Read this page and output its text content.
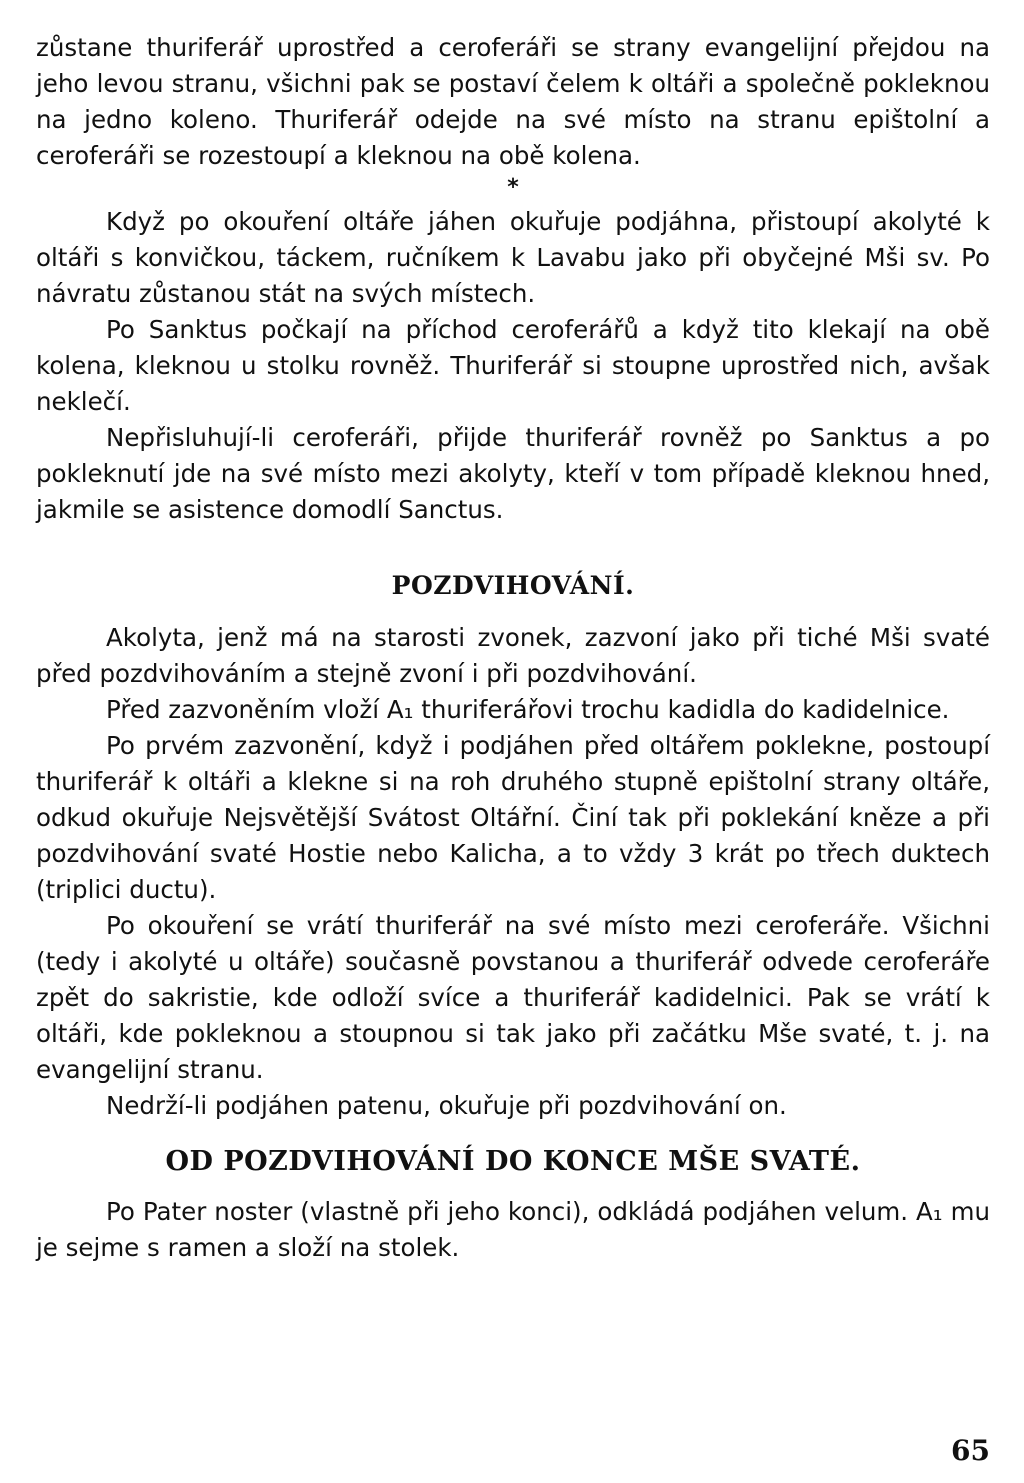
zůstane thuriferář uprostřed a ceroferáři se strany evangelijní přejdou na jeho levou stranu, všichni pak se postaví čelem k oltáři a společně pokleknou na jedno koleno. Thuriferář odejde na své místo na stranu epištolní a ceroferáři se rozestoupí a kleknou na obě kolena.

*

Když po okouření oltáře jáhen okuřuje podjáhna, přistoupí akolyté k oltáři s konvičkou, táckem, ručníkem k Lavabu jako při obyčejné Mši sv. Po návratu zůstanou stát na svých místech.

Po Sanktus počkají na příchod ceroferářů a když tito klekají na obě kolena, kleknou u stolku rovněž. Thuriferář si stoupne uprostřed nich, avšak neklečí.

Nepřisluhují-li ceroferáři, přijde thuriferář rovněž po Sanktus a po pokleknutí jde na své místo mezi akolyty, kteří v tom případě kleknou hned, jakmile se asistence domodlí Sanctus.

POZDVIHOVÁNÍ.

Akolyta, jenž má na starosti zvonek, zazvoní jako při tiché Mši svaté před pozdvihováním a stejně zvoní i při pozdvihování.

Před zazvoněním vloží A₁ thuriferářovi trochu kadidla do kadidelnice.

Po prvém zazvonění, když i podjáhen před oltářem poklekne, postoupí thuriferář k oltáři a klekne si na roh druhého stupně epištolní strany oltáře, odkud okuřuje Nejsvětější Svátost Oltářní. Činí tak při poklekání kněze a při pozdvihování svaté Hostie nebo Kalicha, a to vždy 3 krát po třech duktech (triplici ductu).

Po okouření se vrátí thuriferář na své místo mezi ceroferáře. Všichni (tedy i akolyté u oltáře) současně povstanou a thuriferář odvede ceroferáře zpět do sakristie, kde odloží svíce a thuriferář kadidelnici. Pak se vrátí k oltáři, kde pokleknou a stoupnou si tak jako při začátku Mše svaté, t. j. na evangelijní stranu.

Nedrží-li podjáhen patenu, okuřuje při pozdvihování on.

OD POZDVIHOVÁNÍ DO KONCE MŠE SVATÉ.

Po Pater noster (vlastně při jeho konci), odkládá podjáhen velum. A₁ mu je sejme s ramen a složí na stolek.

65
